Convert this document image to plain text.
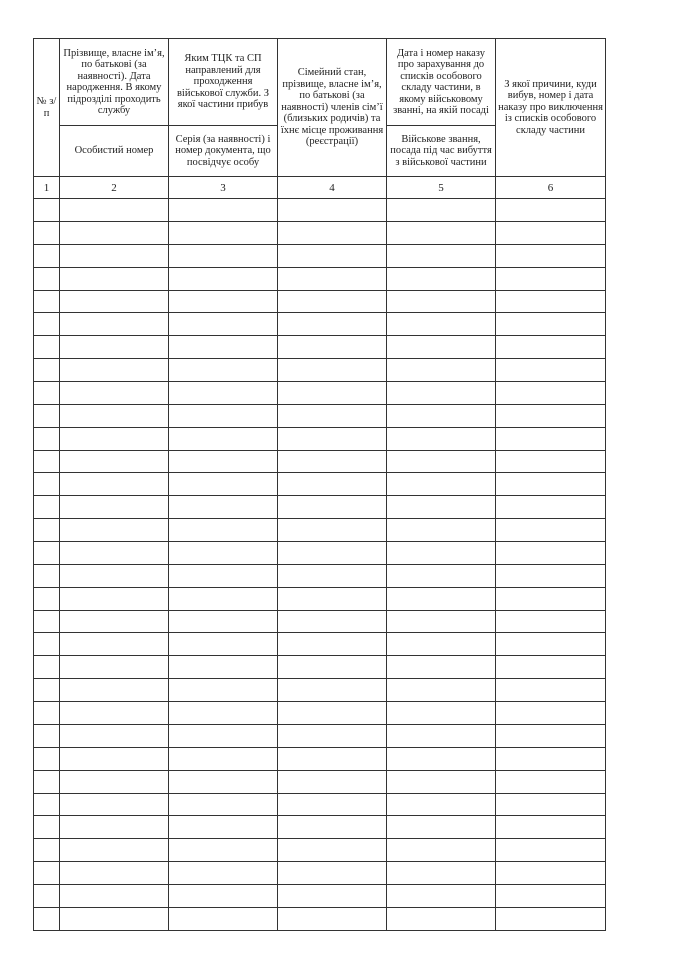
№ з/п	Прізвище, власне ім’я, по батькові (за наявності). Дата народження. В якому підрозділі проходить службу	Яким ТЦК та СП направлений для проходження військової служби. З якої частини прибув	Сімейний стан, прізвище, власне ім’я, по батькові (за наявності) членів сім’ї (близьких родичів) та їхнє місце проживання (реєстрації)	Дата і номер наказу про зарахування до списків особового складу частини, в якому військовому званні, на якій посаді	З якої причини, куди вибув, номер і дата наказу про виключення із списків особового складу частини
	Особистий номер	Серія (за наявності) і номер документа, що посвідчує особу		Військове звання, посада під час вибуття з військової частини	
1	2	3	4	5	6
